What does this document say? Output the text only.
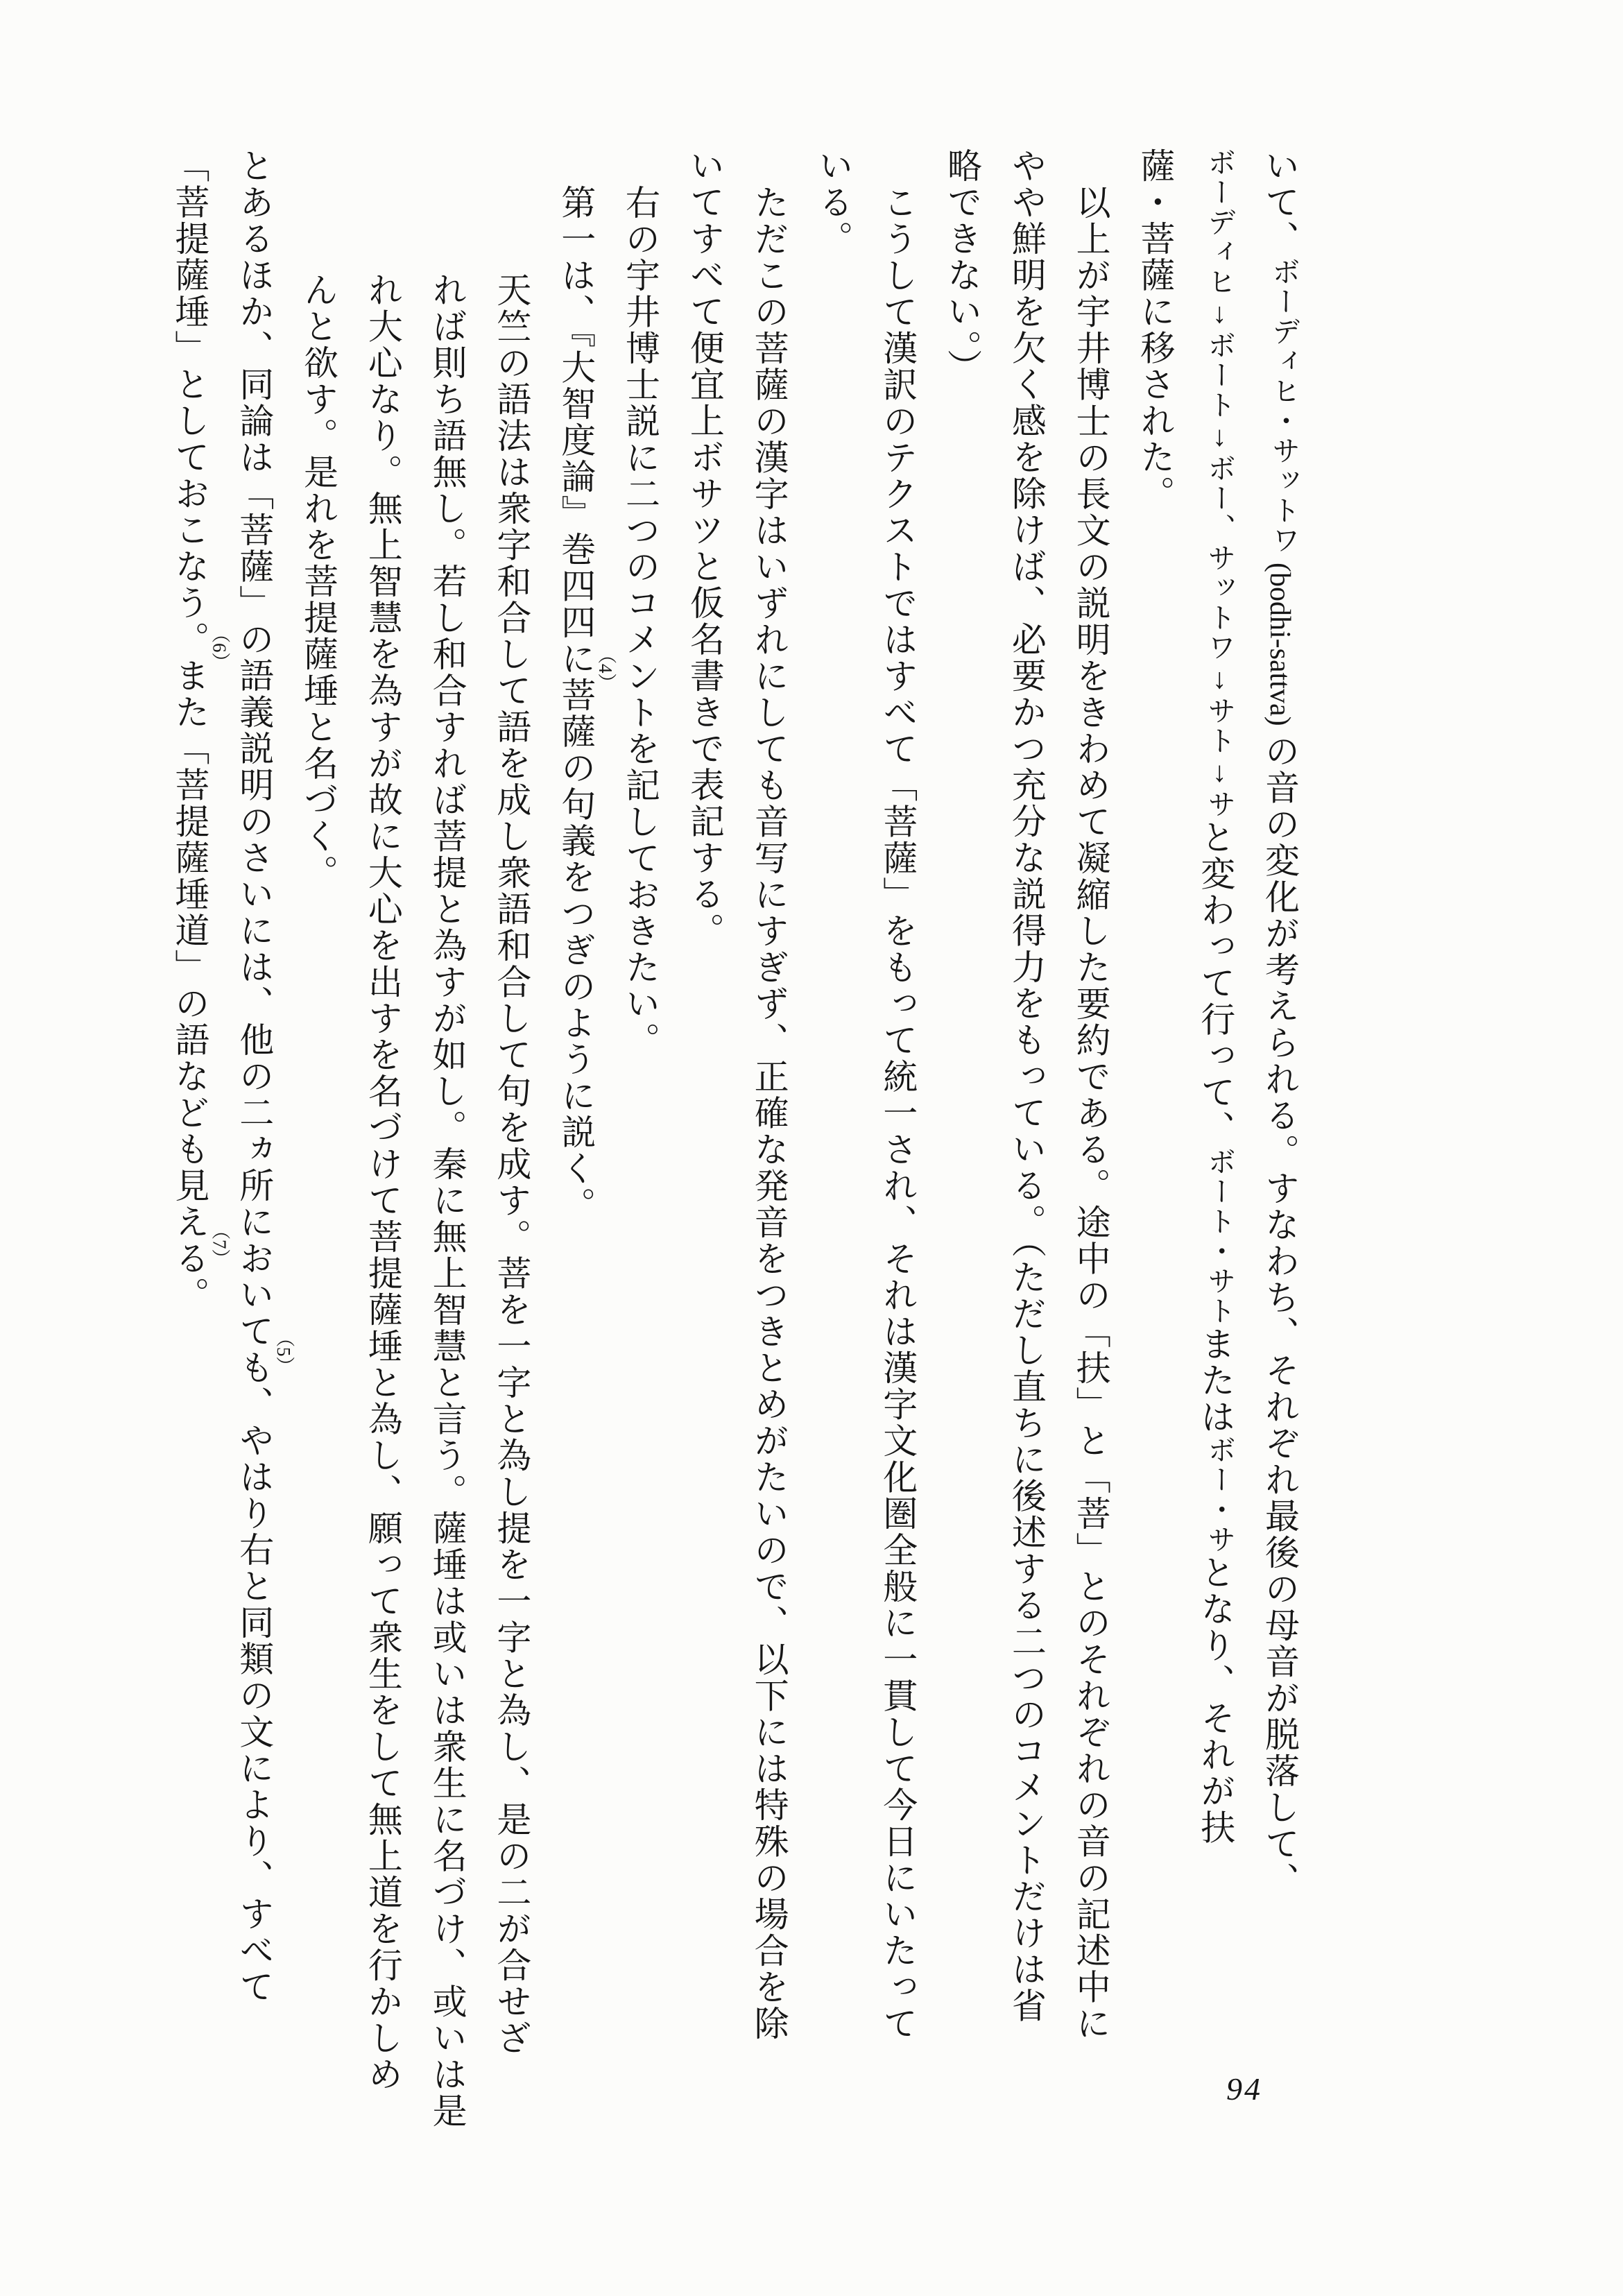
いて、ボーディヒ・サットワ (bodhi-sattva) の音の変化が考えられる。すなわち、それぞれ最後の母音が脱落して、
ボーディヒ↓ボート↓ボー、サットワ↓サト↓サと変わって行って、ボート・サトまたはボー・サとなり、それが扶
薩・菩薩に移された。
以上が宇井博士の長文の説明をきわめて凝縮した要約である。途中の「扶」と「菩」とのそれぞれの音の記述中に
やや鮮明を欠く感を除けば、必要かつ充分な説得力をもっている。（ただし直ちに後述する二つのコメントだけは省
略できない。）
こうして漢訳のテクストではすべて「菩薩」をもって統一され、それは漢字文化圏全般に一貫して今日にいたって
いる。
ただこの菩薩の漢字はいずれにしても音写にすぎず、正確な発音をつきとめがたいので、以下には特殊の場合を除
いてすべて便宜上ボサツと仮名書きで表記する。
右の宇井博士説に二つのコメントを記しておきたい。
第一は、『大智度論』巻四四に菩薩の句義をつぎのように説く。 （4）
天竺の語法は衆字和合して語を成し衆語和合して句を成す。菩を一字と為し提を一字と為し、是の二が合せざ
れば則ち語無し。若し和合すれば菩提と為すが如し。秦に無上智慧と言う。薩埵は或いは衆生に名づけ、或いは是
れ大心なり。無上智慧を為すが故に大心を出すを名づけて菩提薩埵と為し、願って衆生をして無上道を行かしめ
んと欲す。是れを菩提薩埵と名づく。
とあるほか、同論は「菩薩」の語義説明のさいには、他の二ヵ所においても、やはり右と同類の文により、すべて （5）
「菩提薩埵」としておこなう。また「菩提薩埵道」の語なども見える。 （6）
（7）
94
